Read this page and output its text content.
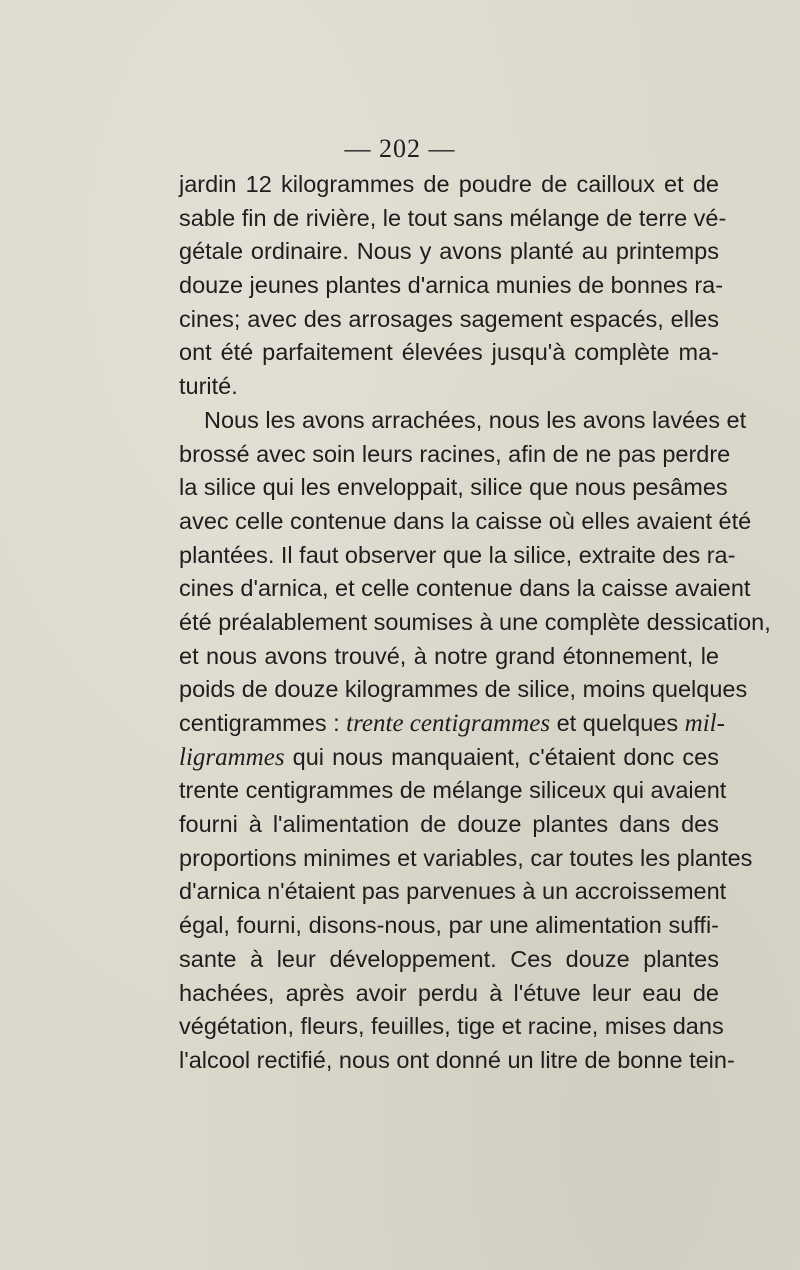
— 202 —
jardin 12 kilogrammes de poudre de cailloux et de
sable fin de rivière, le tout sans mélange de terre vé-
gétale ordinaire. Nous y avons planté au printemps
douze jeunes plantes d'arnica munies de bonnes ra-
cines; avec des arrosages sagement espacés, elles
ont été parfaitement élevées jusqu'à complète ma-
turité.
Nous les avons arrachées, nous les avons lavées et
brossé avec soin leurs racines, afin de ne pas perdre
la silice qui les enveloppait, silice que nous pesâmes
avec celle contenue dans la caisse où elles avaient été
plantées. Il faut observer que la silice, extraite des ra-
cines d'arnica, et celle contenue dans la caisse avaient
été préalablement soumises à une complète dessication,
et nous avons trouvé, à notre grand étonnement, le
poids de douze kilogrammes de silice, moins quelques
centigrammes : trente centigrammes et quelques mil-
ligrammes qui nous manquaient, c'étaient donc ces
trente centigrammes de mélange siliceux qui avaient
fourni à l'alimentation de douze plantes dans des
proportions minimes et variables, car toutes les plantes
d'arnica n'étaient pas parvenues à un accroissement
égal, fourni, disons-nous, par une alimentation suffi-
sante à leur développement. Ces douze plantes
hachées, après avoir perdu à l'étuve leur eau de
végétation, fleurs, feuilles, tige et racine, mises dans
l'alcool rectifié, nous ont donné un litre de bonne tein-
